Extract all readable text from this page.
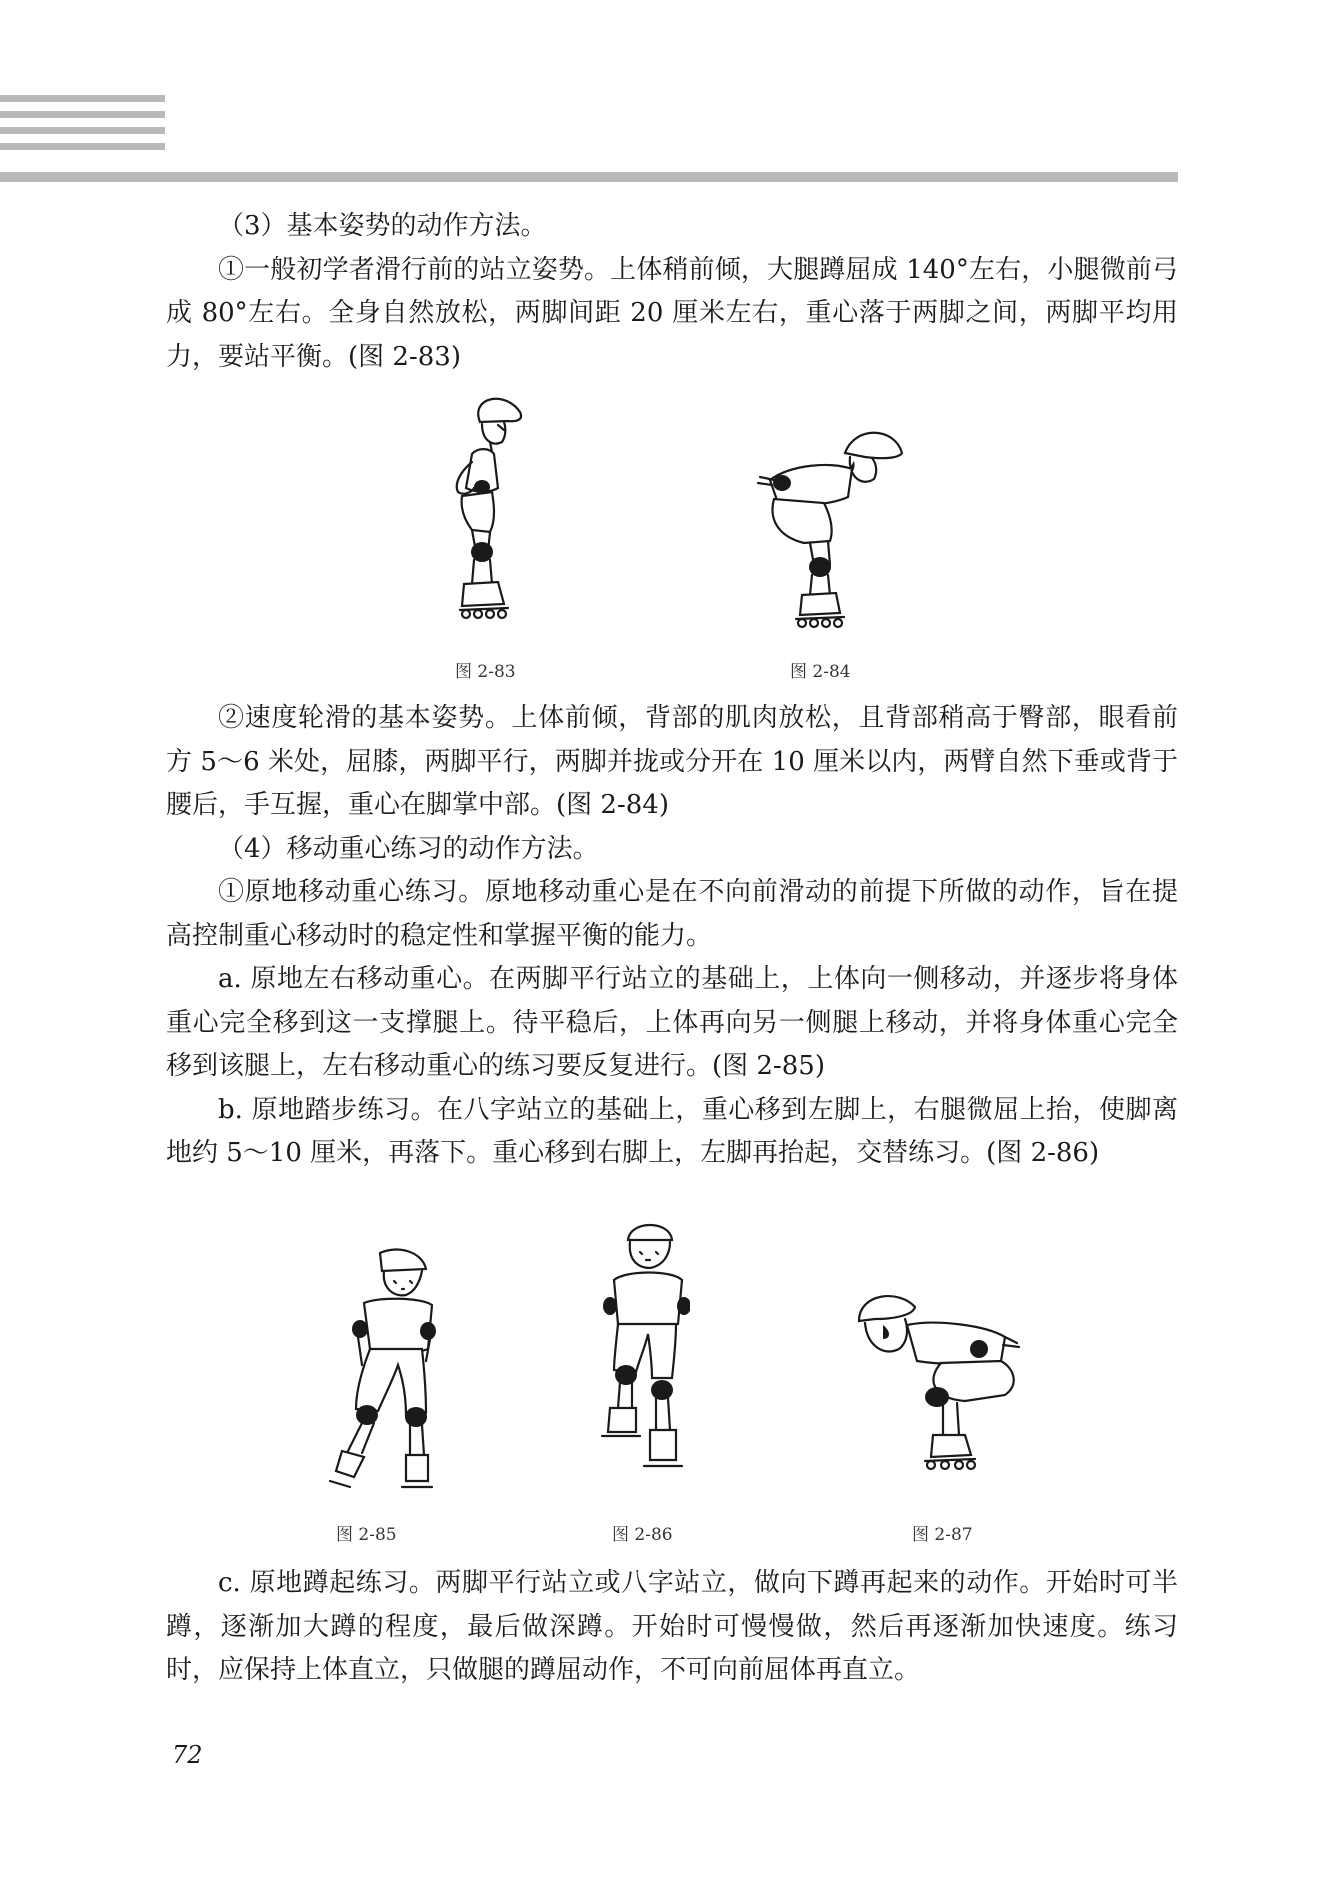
（3）基本姿势的动作方法。

①一般初学者滑行前的站立姿势。上体稍前倾，大腿蹲屈成 140°左右，小腿微前弓成 80°左右。全身自然放松，两脚间距 20 厘米左右，重心落于两脚之间，两脚平均用力，要站平衡。(图 2-83)

图 2-83	图 2-84

②速度轮滑的基本姿势。上体前倾，背部的肌肉放松，且背部稍高于臀部，眼看前方 5～6 米处，屈膝，两脚平行，两脚并拢或分开在 10 厘米以内，两臂自然下垂或背于腰后，手互握，重心在脚掌中部。(图 2-84)

（4）移动重心练习的动作方法。

①原地移动重心练习。原地移动重心是在不向前滑动的前提下所做的动作，旨在提高控制重心移动时的稳定性和掌握平衡的能力。

a. 原地左右移动重心。在两脚平行站立的基础上，上体向一侧移动，并逐步将身体重心完全移到这一支撑腿上。待平稳后，上体再向另一侧腿上移动，并将身体重心完全移到该腿上，左右移动重心的练习要反复进行。(图 2-85)

b. 原地踏步练习。在八字站立的基础上，重心移到左脚上，右腿微屈上抬，使脚离地约 5～10 厘米，再落下。重心移到右脚上，左脚再抬起，交替练习。(图 2-86)

图 2-85	图 2-86	图 2-87

c. 原地蹲起练习。两脚平行站立或八字站立，做向下蹲再起来的动作。开始时可半蹲，逐渐加大蹲的程度，最后做深蹲。开始时可慢慢做，然后再逐渐加快速度。练习时，应保持上体直立，只做腿的蹲屈动作，不可向前屈体再直立。

72
